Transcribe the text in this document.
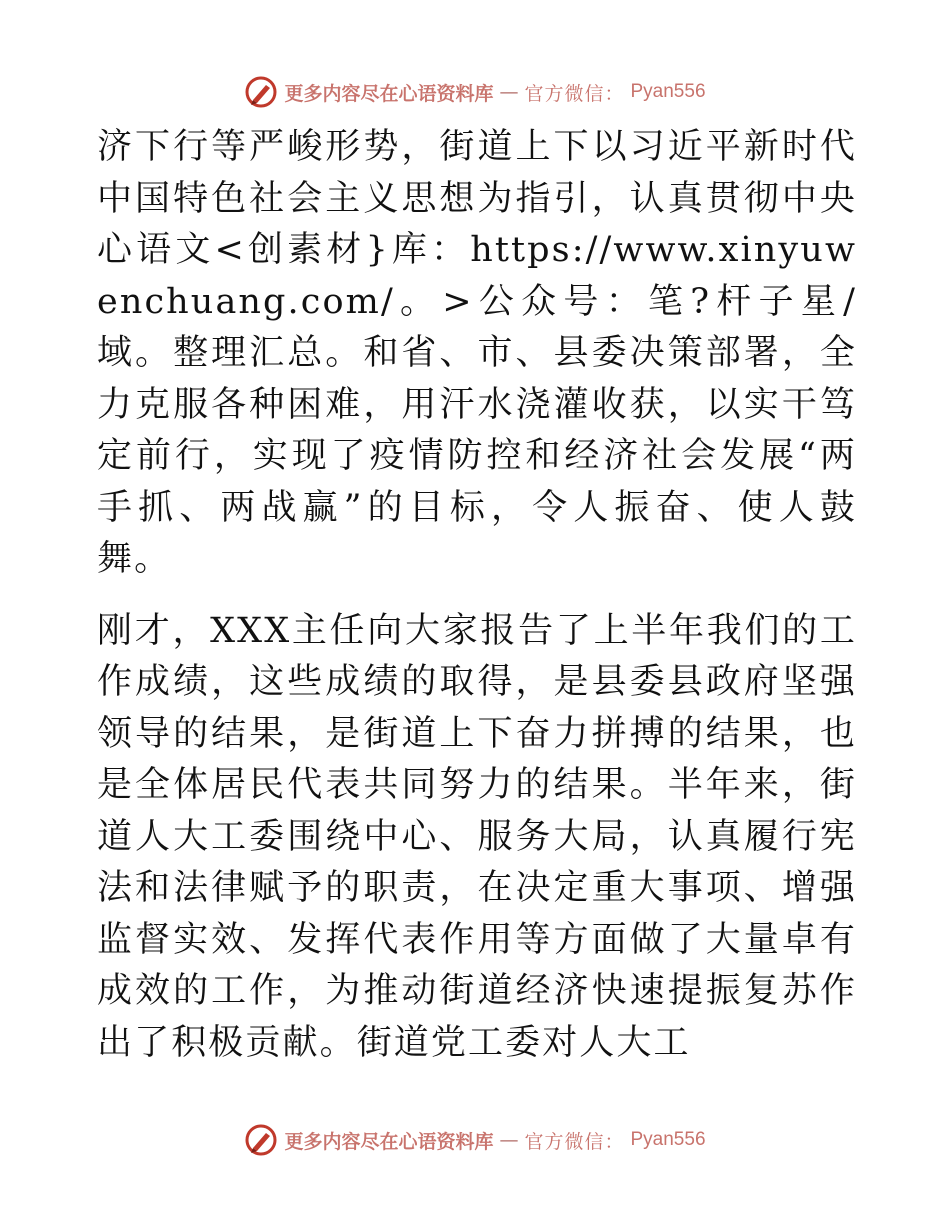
更多内容尽在心语资料库 — 官方微信： Pyan556

济下行等严峻形势，街道上下以习近平新时代中国特色社会主义思想为指引，认真贯彻中央心语文<创素材}库：https://www.xinyuwenchuang.com/。>公众号：笔?杆子星/域。整理汇总。和省、市、县委决策部署，全力克服各种困难，用汗水浇灌收获，以实干笃定前行，实现了疫情防控和经济社会发展“两手抓、两战赢”的目标，令人振奋、使人鼓舞。

刚才，XXX主任向大家报告了上半年我们的工作成绩，这些成绩的取得，是县委县政府坚强领导的结果，是街道上下奋力拼搏的结果，也是全体居民代表共同努力的结果。半年来，街道人大工委围绕中心、服务大局，认真履行宪法和法律赋予的职责，在决定重大事项、增强监督实效、发挥代表作用等方面做了大量卓有成效的工作，为推动街道经济快速提振复苏作出了积极贡献。街道党工委对人大工

更多内容尽在心语资料库 — 官方微信： Pyan556
